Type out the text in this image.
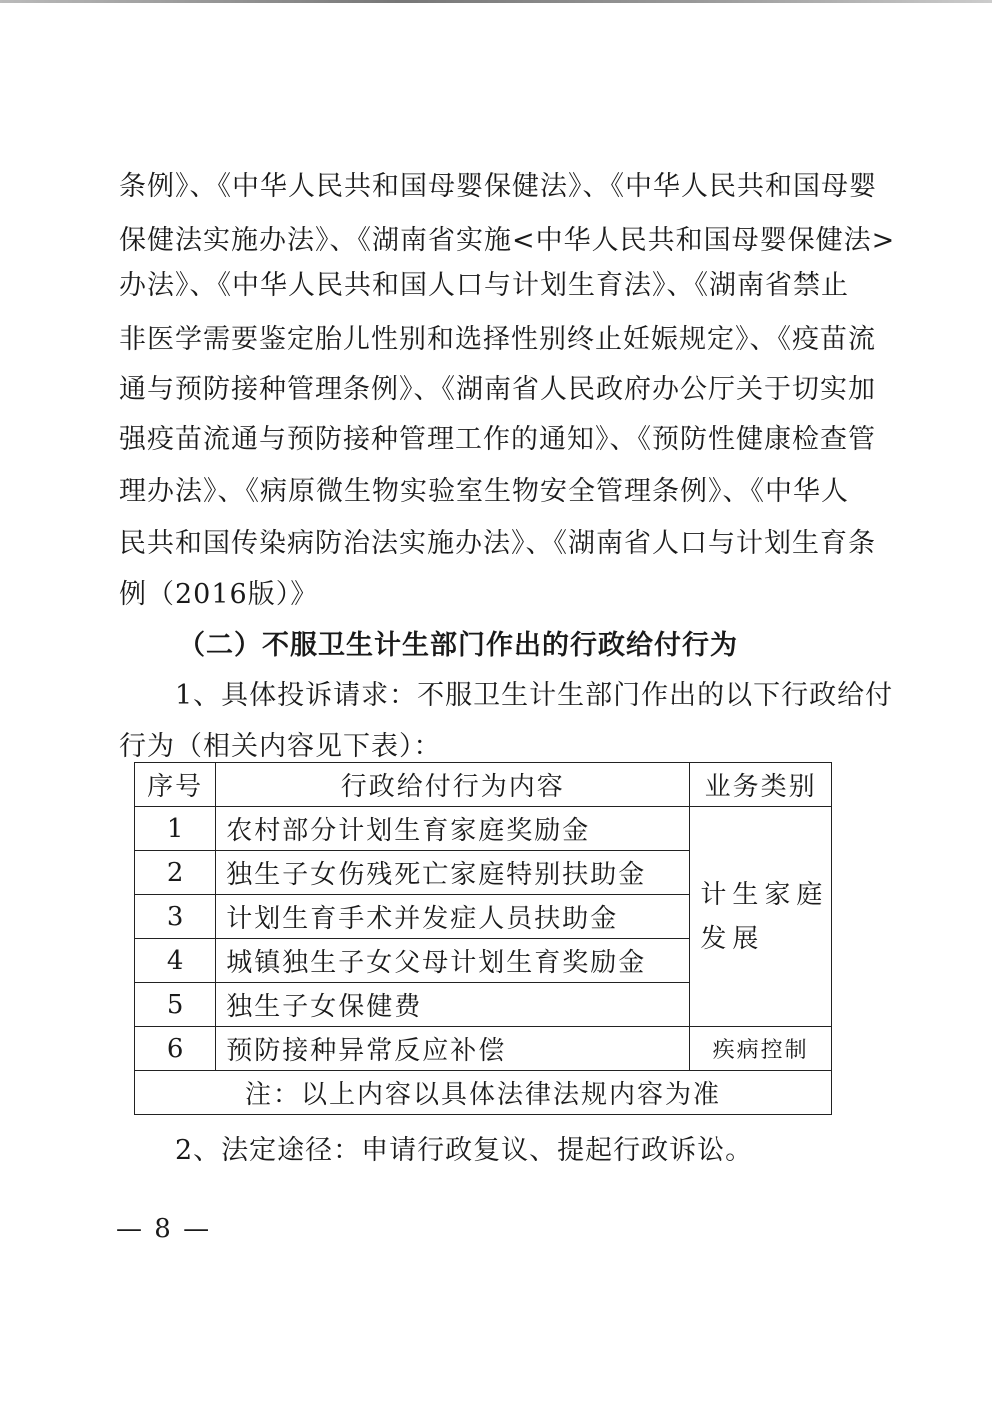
条例》、《中华人民共和国母婴保健法》、《中华人民共和国母婴
保健法实施办法》、《湖南省实施<中华人民共和国母婴保健法>
办法》、《中华人民共和国人口与计划生育法》、《湖南省禁止
非医学需要鉴定胎儿性别和选择性别终止妊娠规定》、《疫苗流
通与预防接种管理条例》、《湖南省人民政府办公厅关于切实加
强疫苗流通与预防接种管理工作的通知》、《预防性健康检查管
理办法》、《病原微生物实验室生物安全管理条例》、《中华人
民共和国传染病防治法实施办法》、《湖南省人口与计划生育条
例（2016版）》
（二）不服卫生计生部门作出的行政给付行为
1、具体投诉请求：不服卫生计生部门作出的以下行政给付
行为（相关内容见下表）：
序号	行政给付行为内容	业务类别
1	农村部分计划生育家庭奖励金	计生家庭发展
2	独生子女伤残死亡家庭特别扶助金	
3	计划生育手术并发症人员扶助金	
4	城镇独生子女父母计划生育奖励金	
5	独生子女保健费	
6	预防接种异常反应补偿	疾病控制
注：以上内容以具体法律法规内容为准		
2、法定途径：申请行政复议、提起行政诉讼。
— 8 —
